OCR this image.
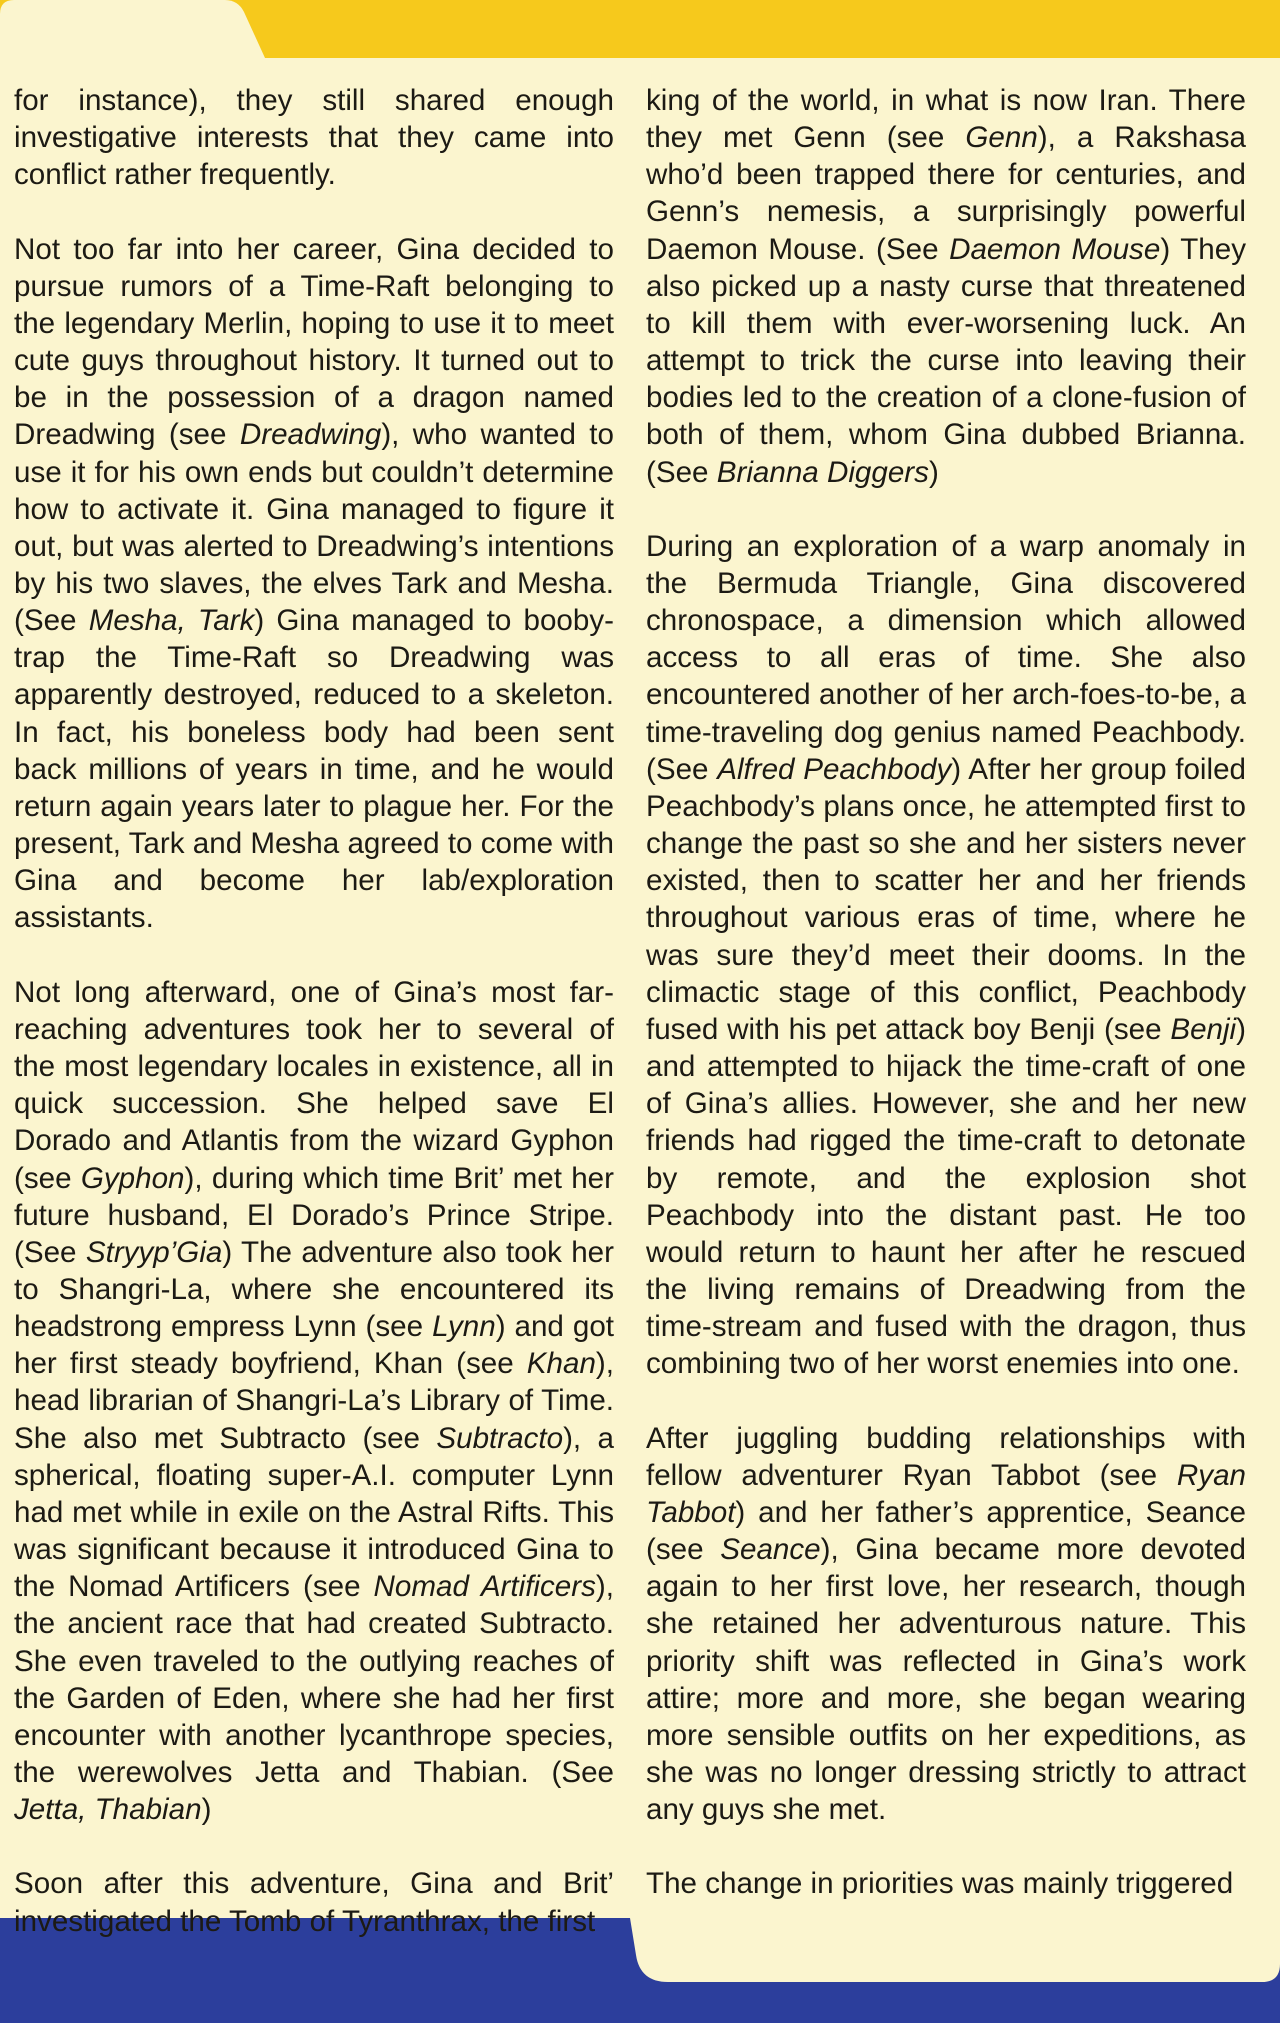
for instance), they still shared enough investigative interests that they came into conflict rather frequently.

Not too far into her career, Gina decided to pursue rumors of a Time-Raft belonging to the legendary Merlin, hoping to use it to meet cute guys throughout history. It turned out to be in the possession of a dragon named Dreadwing (see Dreadwing), who wanted to use it for his own ends but couldn’t determine how to activate it. Gina managed to figure it out, but was alerted to Dreadwing’s intentions by his two slaves, the elves Tark and Mesha. (See Mesha, Tark) Gina managed to booby-trap the Time-Raft so Dreadwing was apparently destroyed, reduced to a skeleton. In fact, his boneless body had been sent back millions of years in time, and he would return again years later to plague her. For the present, Tark and Mesha agreed to come with Gina and become her lab/exploration assistants.

Not long afterward, one of Gina’s most far-reaching adventures took her to several of the most legendary locales in existence, all in quick succession. She helped save El Dorado and Atlantis from the wizard Gyphon (see Gyphon), during which time Brit’ met her future husband, El Dorado’s Prince Stripe. (See Stryyp’Gia) The adventure also took her to Shangri-La, where she encountered its headstrong empress Lynn (see Lynn) and got her first steady boyfriend, Khan (see Khan), head librarian of Shangri-La’s Library of Time. She also met Subtracto (see Subtracto), a spherical, floating super-A.I. computer Lynn had met while in exile on the Astral Rifts. This was significant because it introduced Gina to the Nomad Artificers (see Nomad Artificers), the ancient race that had created Subtracto. She even traveled to the outlying reaches of the Garden of Eden, where she had her first encounter with another lycanthrope species, the werewolves Jetta and Thabian. (See Jetta, Thabian)

Soon after this adventure, Gina and Brit’ investigated the Tomb of Tyranthrax, the first

king of the world, in what is now Iran. There they met Genn (see Genn), a Rakshasa who’d been trapped there for centuries, and Genn’s nemesis, a surprisingly powerful Daemon Mouse. (See Daemon Mouse) They also picked up a nasty curse that threatened to kill them with ever-worsening luck. An attempt to trick the curse into leaving their bodies led to the creation of a clone-fusion of both of them, whom Gina dubbed Brianna. (See Brianna Diggers)

During an exploration of a warp anomaly in the Bermuda Triangle, Gina discovered chronospace, a dimension which allowed access to all eras of time. She also encountered another of her arch-foes-to-be, a time-traveling dog genius named Peachbody. (See Alfred Peachbody) After her group foiled Peachbody’s plans once, he attempted first to change the past so she and her sisters never existed, then to scatter her and her friends throughout various eras of time, where he was sure they’d meet their dooms. In the climactic stage of this conflict, Peachbody fused with his pet attack boy Benji (see Benji) and attempted to hijack the time-craft of one of Gina’s allies. However, she and her new friends had rigged the time-craft to detonate by remote, and the explosion shot Peachbody into the distant past. He too would return to haunt her after he rescued the living remains of Dreadwing from the time-stream and fused with the dragon, thus combining two of her worst enemies into one.

After juggling budding relationships with fellow adventurer Ryan Tabbot (see Ryan Tabbot) and her father’s apprentice, Seance (see Seance), Gina became more devoted again to her first love, her research, though she retained her adventurous nature. This priority shift was reflected in Gina’s work attire; more and more, she began wearing more sensible outfits on her expeditions, as she was no longer dressing strictly to attract any guys she met.

The change in priorities was mainly triggered
